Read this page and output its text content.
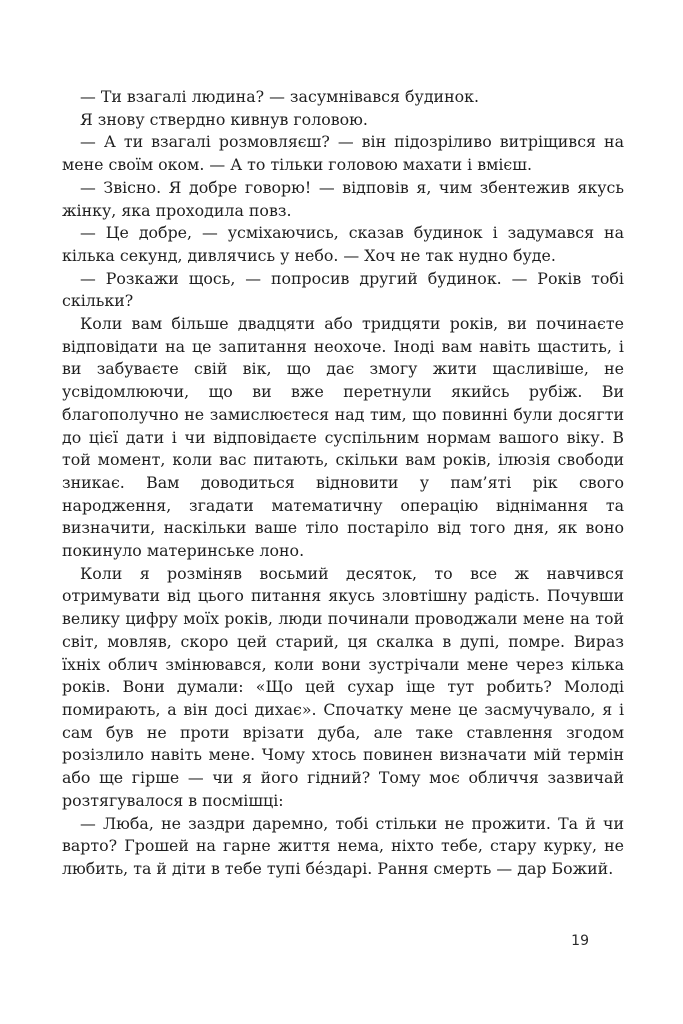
— Ти взагалі людина? — засумнівався будинок.

Я знову ствердно кивнув головою.

— А ти взагалі розмовляєш? — він підозріливо витріщився на мене своїм оком. — А то тільки головою махати і вмієш.

— Звісно. Я добре говорю! — відповів я, чим збентежив якусь жінку, яка проходила повз.

— Це добре, — усміхаючись, сказав будинок і задумався на кілька секунд, дивлячись у небо. — Хоч не так нудно буде.

— Розкажи щось, — попросив другий будинок. — Років тобі скільки?

Коли вам більше двадцяти або тридцяти років, ви починаєте відповідати на це запитання неохоче. Іноді вам навіть щастить, і ви забуваєте свій вік, що дає змогу жити щасливіше, не усвідомлюючи, що ви вже перетнули якийсь рубіж. Ви благополучно не замислюєтеся над тим, що повинні були досягти до цієї дати і чи відповідаєте суспільним нормам вашого віку. В той момент, коли вас питають, скільки вам років, ілюзія свободи зникає. Вам доводиться відновити у пам’яті рік свого народження, згадати математичну операцію віднімання та визначити, наскільки ваше тіло постаріло від того дня, як воно покинуло материнське лоно.

Коли я розміняв восьмий десяток, то все ж навчився отримувати від цього питання якусь зловтішну радість. Почувши велику цифру моїх років, люди починали проводжали мене на той світ, мовляв, скоро цей старий, ця скалка в дупі, помре. Вираз їхніх облич змінювався, коли вони зустрічали мене через кілька років. Вони думали: «Що цей сухар іще тут робить? Молоді помирають, а він досі дихає». Спочатку мене це засмучувало, я і сам був не проти врізати дуба, але таке ставлення згодом розізлило навіть мене. Чому хтось повинен визначати мій термін або ще гірше — чи я його гідний? Тому моє обличчя зазвичай розтягувалося в посмішці:

— Люба, не заздри даремно, тобі стільки не прожити. Та й чи варто? Грошей на гарне життя нема, ніхто тебе, стару курку, не любить, та й діти в тебе тупі бéздарі. Рання смерть — дар Божий.

19
